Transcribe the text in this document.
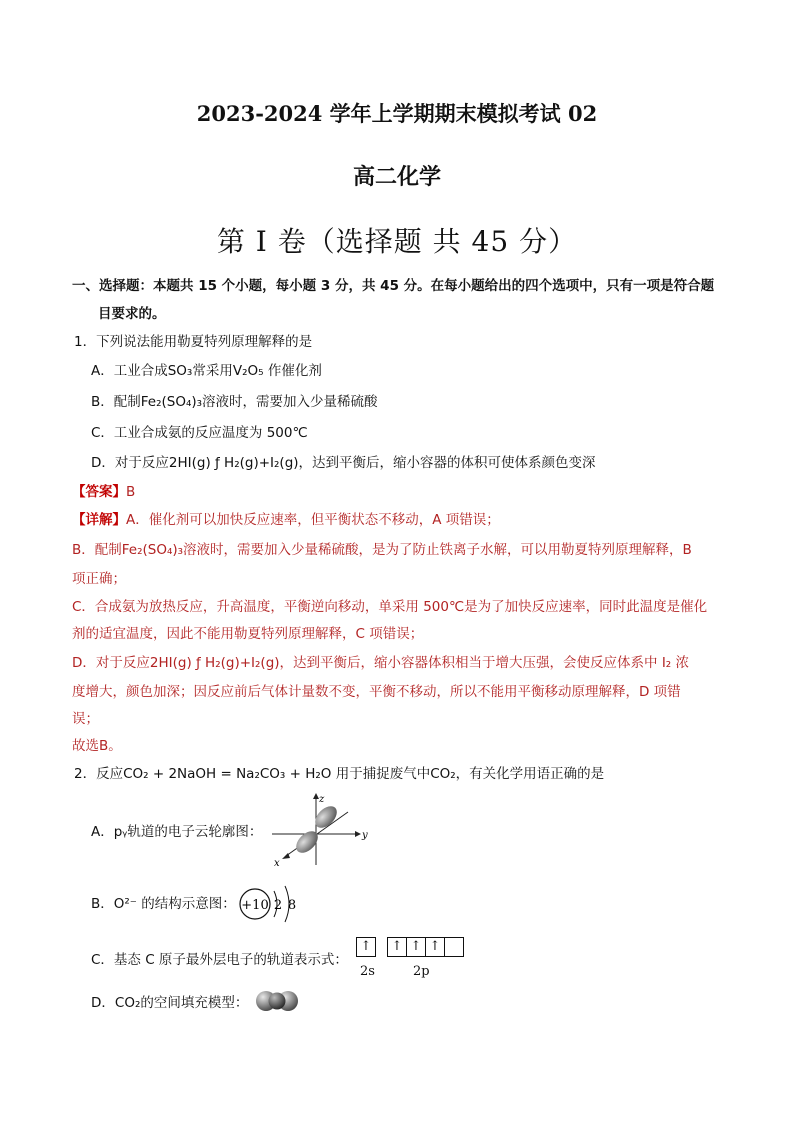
2023-2024 学年上学期期末模拟考试 02
高二化学
第 I 卷（选择题 共 45 分）
一、选择题：本题共 15 个小题，每小题 3 分，共 45 分。在每小题给出的四个选项中，只有一项是符合题
目要求的。
1．下列说法能用勒夏特列原理解释的是
A．工业合成SO₃常采用V₂O₅ 作催化剂
B．配制Fe₂(SO₄)₃溶液时，需要加入少量稀硫酸
C．工业合成氨的反应温度为 500℃
D．对于反应2HI(g) ƒ H₂(g)+I₂(g)，达到平衡后，缩小容器的体积可使体系颜色变深
【答案】B
【详解】A．催化剂可以加快反应速率，但平衡状态不移动，A 项错误；
B．配制Fe₂(SO₄)₃溶液时，需要加入少量稀硫酸，是为了防止铁离子水解，可以用勒夏特列原理解释，B
项正确；
C．合成氨为放热反应，升高温度，平衡逆向移动，单采用 500℃是为了加快反应速率，同时此温度是催化
剂的适宜温度，因此不能用勒夏特列原理解释，C 项错误；
D．对于反应2HI(g) ƒ H₂(g)+I₂(g)，达到平衡后，缩小容器体积相当于增大压强，会使反应体系中 I₂ 浓
度增大，颜色加深；因反应前后气体计量数不变，平衡不移动，所以不能用平衡移动原理解释，D 项错
误；
故选B。
2．反应CO₂ + 2NaOH = Na₂CO₃ + H₂O 用于捕捉废气中CO₂，有关化学用语正确的是
A．pᵧ轨道的电子云轮廓图：
z
y
x
B．O²⁻ 的结构示意图： +10 2 8
C．基态 C 原子最外层电子的轨道表示式：
↑	↑ ↑ ↑
2s	2p
D．CO₂的空间填充模型：
